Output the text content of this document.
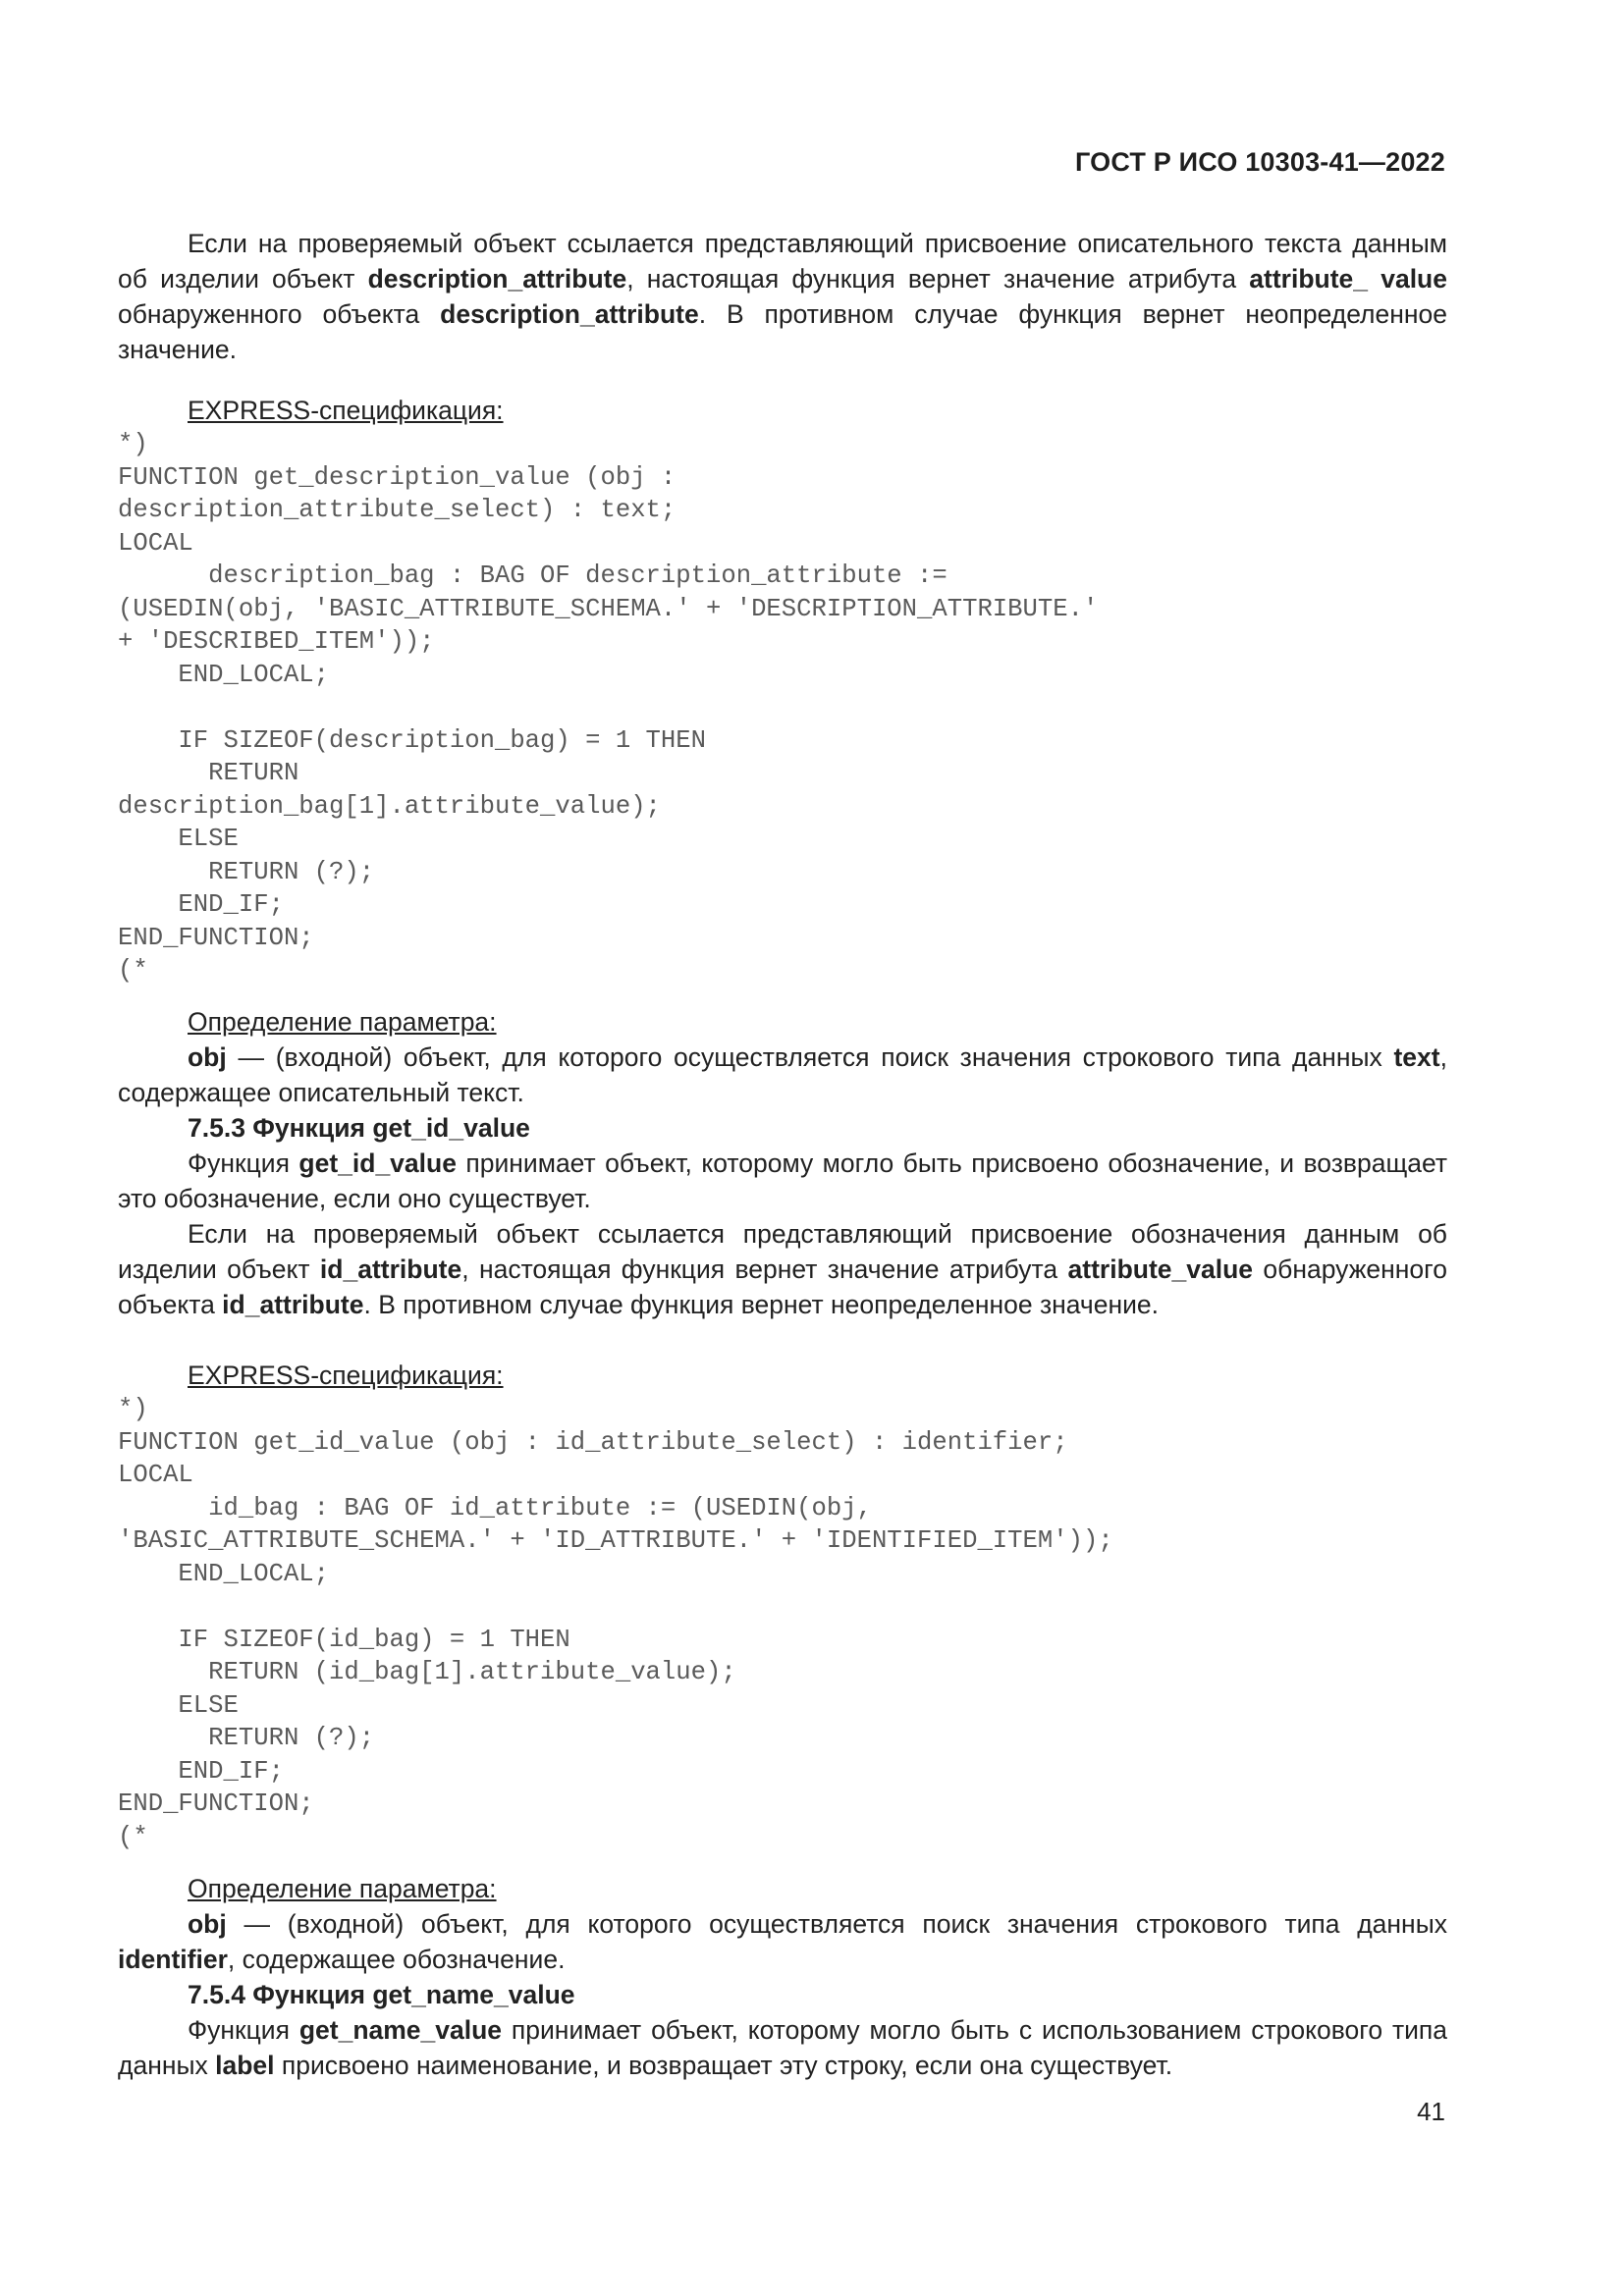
ГОСТ Р ИСО 10303-41—2022

Если на проверяемый объект ссылается представляющий присвоение описательного текста данным об изделии объект description_attribute, настоящая функция вернет значение атрибута attribute_ value обнаруженного объекта description_attribute. В противном случае функция вернет неопределенное значение.

EXPRESS-спецификация:

*)
FUNCTION get_description_value (obj :
description_attribute_select) : text;
LOCAL
description_bag : BAG OF description_attribute :=
(USEDIN(obj, 'BASIC_ATTRIBUTE_SCHEMA.' + 'DESCRIPTION_ATTRIBUTE.'
+ 'DESCRIBED_ITEM'));
END_LOCAL;

IF SIZEOF(description_bag) = 1 THEN
RETURN
description_bag[1].attribute_value);
ELSE
RETURN (?);
END_IF;
END_FUNCTION;
(*

Определение параметра:

obj — (входной) объект, для которого осуществляется поиск значения строкового типа данных text, содержащее описательный текст.

7.5.3 Функция get_id_value

Функция get_id_value принимает объект, которому могло быть присвоено обозначение, и возвращает это обозначение, если оно существует.

Если на проверяемый объект ссылается представляющий присвоение обозначения данным об изделии объект id_attribute, настоящая функция вернет значение атрибута attribute_value обнаруженного объекта id_attribute. В противном случае функция вернет неопределенное значение.

EXPRESS-спецификация:

*)
FUNCTION get_id_value (obj : id_attribute_select) : identifier;
LOCAL
id_bag : BAG OF id_attribute := (USEDIN(obj,
'BASIC_ATTRIBUTE_SCHEMA.' + 'ID_ATTRIBUTE.' + 'IDENTIFIED_ITEM'));
END_LOCAL;

IF SIZEOF(id_bag) = 1 THEN
RETURN (id_bag[1].attribute_value);
ELSE
RETURN (?);
END_IF;
END_FUNCTION;
(*

Определение параметра:

obj — (входной) объект, для которого осуществляется поиск значения строкового типа данных identifier, содержащее обозначение.

7.5.4 Функция get_name_value

Функция get_name_value принимает объект, которому могло быть с использованием строкового типа данных label присвоено наименование, и возвращает эту строку, если она существует.

41
